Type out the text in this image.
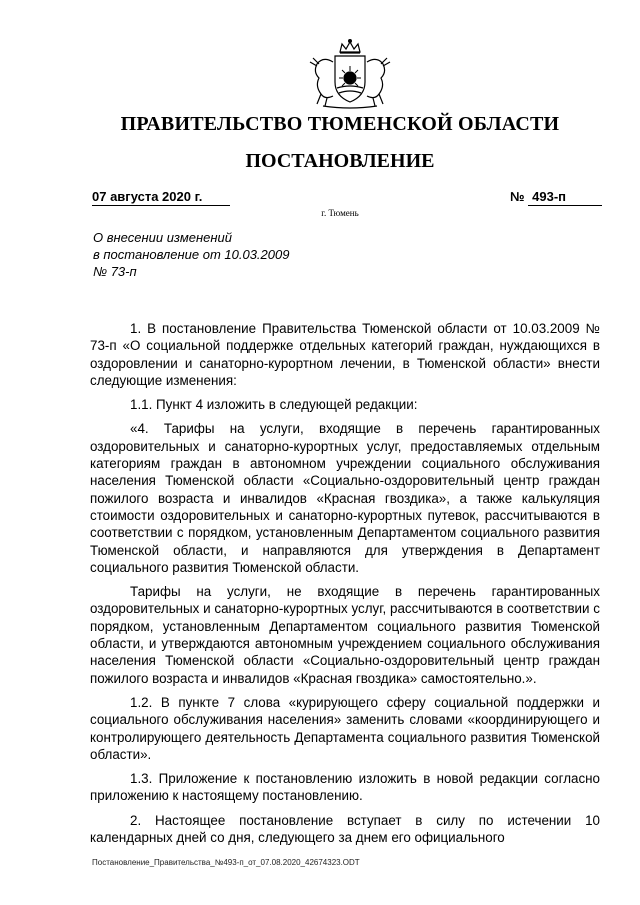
ПРАВИТЕЛЬСТВО ТЮМЕНСКОЙ ОБЛАСТИ
ПОСТАНОВЛЕНИЕ
07 августа 2020 г.	№ 493-п
г. Тюмень
О внесении изменений
в постановление от 10.03.2009
№ 73-п

1. В постановление Правительства Тюменской области от 10.03.2009 № 73-п «О социальной поддержке отдельных категорий граждан, нуждающихся в оздоровлении и санаторно-курортном лечении, в Тюменской области» внести следующие изменения:

1.1. Пункт 4 изложить в следующей редакции:

«4. Тарифы на услуги, входящие в перечень гарантированных оздоровительных и санаторно-курортных услуг, предоставляемых отдельным категориям граждан в автономном учреждении социального обслуживания населения Тюменской области «Социально-оздоровительный центр граждан пожилого возраста и инвалидов «Красная гвоздика», а также калькуляция стоимости оздоровительных и санаторно-курортных путевок, рассчитываются в соответствии с порядком, установленным Департаментом социального развития Тюменской области, и направляются для утверждения в Департамент социального развития Тюменской области.

Тарифы на услуги, не входящие в перечень гарантированных оздоровительных и санаторно-курортных услуг, рассчитываются в соответствии с порядком, установленным Департаментом социального развития Тюменской области, и утверждаются автономным учреждением социального обслуживания населения Тюменской области «Социально-оздоровительный центр граждан пожилого возраста и инвалидов «Красная гвоздика» самостоятельно.».

1.2. В пункте 7 слова «курирующего сферу социальной поддержки и социального обслуживания населения» заменить словами «координирующего и контролирующего деятельность Департамента социального развития Тюменской области».

1.3. Приложение к постановлению изложить в новой редакции согласно приложению к настоящему постановлению.

2. Настоящее постановление вступает в силу по истечении 10 календарных дней со дня, следующего за днем его официального

Постановление_Правительства_№493-п_от_07.08.2020_42674323.ODT
